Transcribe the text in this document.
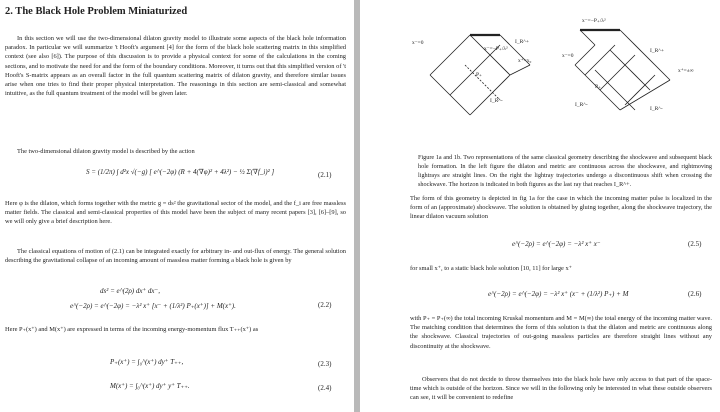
2. The Black Hole Problem Miniaturized
In this section we will use the two-dimensional dilaton gravity model to illustrate some aspects of the black hole information paradox. In particular we will summarize 't Hooft's argument [4] for the form of the black hole scattering matrix in this simplified context (see also [6]). The purpose of this discussion is to provide a physical context for some of the calculations in the coming sections, and to motivate the need for and the form of the boundary conditions. Moreover, it turns out that this simplified version of 't Hooft's S-matrix appears as an overall factor in the full quantum scattering matrix of dilaton gravity, and therefore similar issues arise when one tries to find their proper physical interpretation. The reasonings in this section are semi-classical and somewhat intuitive, as the full quantum treatment of the model will be given later.
The two-dimensional dilaton gravity model is described by the action
S = (1/2π) ∫ d²x √(−g) [ e^(−2φ) (R + 4(∇φ)² + 4λ²) − ½ Σ(∇f_i)² ]	(2.1)
Here φ is the dilaton, which forms together with the metric g = ds² the gravitational sector of the model, and the f_i are free massless matter fields. The classical and semi-classical properties of this model have been the subject of many recent papers [3], [6]–[9], so we will only give a brief description here.
The classical equations of motion of (2.1) can be integrated exactly for arbitrary in- and out-flux of energy. The general solution describing the gravitational collapse of an incoming amount of massless matter forming a black hole is given by
ds² = e^(2ρ) dx⁺ dx⁻,
e^(−2ρ) = e^(−2φ) = −λ² x⁺ [x⁻ + (1/λ²) P₊(x⁺)] + M(x⁺).	(2.2)
Here P₊(x⁺) and M(x⁺) are expressed in terms of the incoming energy-momentum flux T₊₊(x⁺) as
P₊(x⁺) = ∫₀^(x⁺) dy⁺ T₊₊,	(2.3)
M(x⁺) = ∫₀^(x⁺) dy⁺ y⁺ T₊₊.	(2.4)
x⁻=0
x⁻=−P₊/λ²
I_R^+
x⁺=x₀
P₊
I_R^-
x⁻=−P₊/λ²
x⁻=0
I_R^+
x⁺=±∞
P₊
I_R^-
I_R^-
Figure 1a and 1b. Two representations of the same classical geometry describing the shockwave and subsequent black hole formation. In the left figure the dilaton and metric are continuous across the shockwave, and rightmoving lightrays are straight lines. On the right the lightray trajectories undergo a discontinuous shift when crossing the shockwave. The horizon is indicated in both figures as the last ray that reaches I_R^+.
The form of this geometry is depicted in fig 1a for the case in which the incoming matter pulse is localized in the form of an (approximate) shockwave. The solution is obtained by gluing together, along the shockwave trajectory, the linear dilaton vacuum solution
e^(−2ρ) = e^(−2φ) = −λ² x⁺ x⁻	(2.5)
for small x⁺, to a static black hole solution [10, 11] for large x⁺
e^(−2ρ) = e^(−2φ) = −λ² x⁺ (x⁻ + (1/λ²) P₊) + M	(2.6)
with P₊ = P₊(∞) the total incoming Kruskal momentum and M = M(∞) the total energy of the incoming matter wave. The matching condition that determines the form of this solution is that the dilaton and metric are continuous along the shockwave. Classical trajectories of out-going massless particles are therefore straight lines without any discontinuity at the shockwave.
Observers that do not decide to throw themselves into the black hole have only access to that part of the space-time which is outside of the horizon. Since we will in the following only be interested in what these outside observers can see, it will be convenient to redefine
